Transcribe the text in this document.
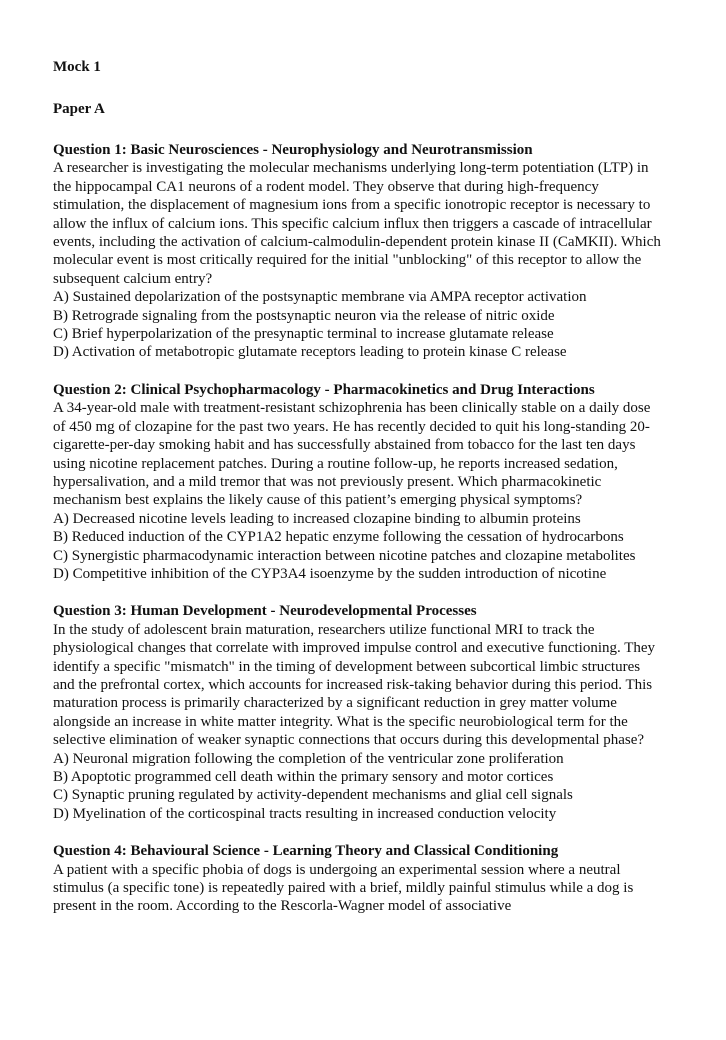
Mock 1

Paper A

Question 1: Basic Neurosciences - Neurophysiology and Neurotransmission

A researcher is investigating the molecular mechanisms underlying long-term potentiation (LTP) in the hippocampal CA1 neurons of a rodent model. They observe that during high-frequency stimulation, the displacement of magnesium ions from a specific ionotropic receptor is necessary to allow the influx of calcium ions. This specific calcium influx then triggers a cascade of intracellular events, including the activation of calcium-calmodulin-dependent protein kinase II (CaMKII). Which molecular event is most critically required for the initial "unblocking" of this receptor to allow the subsequent calcium entry?

A) Sustained depolarization of the postsynaptic membrane via AMPA receptor activation

B) Retrograde signaling from the postsynaptic neuron via the release of nitric oxide

C) Brief hyperpolarization of the presynaptic terminal to increase glutamate release

D) Activation of metabotropic glutamate receptors leading to protein kinase C release

Question 2: Clinical Psychopharmacology - Pharmacokinetics and Drug Interactions

A 34-year-old male with treatment-resistant schizophrenia has been clinically stable on a daily dose of 450 mg of clozapine for the past two years. He has recently decided to quit his long-standing 20-cigarette-per-day smoking habit and has successfully abstained from tobacco for the last ten days using nicotine replacement patches. During a routine follow-up, he reports increased sedation, hypersalivation, and a mild tremor that was not previously present. Which pharmacokinetic mechanism best explains the likely cause of this patient’s emerging physical symptoms?

A) Decreased nicotine levels leading to increased clozapine binding to albumin proteins

B) Reduced induction of the CYP1A2 hepatic enzyme following the cessation of hydrocarbons

C) Synergistic pharmacodynamic interaction between nicotine patches and clozapine metabolites

D) Competitive inhibition of the CYP3A4 isoenzyme by the sudden introduction of nicotine

Question 3: Human Development - Neurodevelopmental Processes

In the study of adolescent brain maturation, researchers utilize functional MRI to track the physiological changes that correlate with improved impulse control and executive functioning. They identify a specific "mismatch" in the timing of development between subcortical limbic structures and the prefrontal cortex, which accounts for increased risk-taking behavior during this period. This maturation process is primarily characterized by a significant reduction in grey matter volume alongside an increase in white matter integrity. What is the specific neurobiological term for the selective elimination of weaker synaptic connections that occurs during this developmental phase?

A) Neuronal migration following the completion of the ventricular zone proliferation

B) Apoptotic programmed cell death within the primary sensory and motor cortices

C) Synaptic pruning regulated by activity-dependent mechanisms and glial cell signals

D) Myelination of the corticospinal tracts resulting in increased conduction velocity

Question 4: Behavioural Science - Learning Theory and Classical Conditioning

A patient with a specific phobia of dogs is undergoing an experimental session where a neutral stimulus (a specific tone) is repeatedly paired with a brief, mildly painful stimulus while a dog is present in the room. According to the Rescorla-Wagner model of associative
